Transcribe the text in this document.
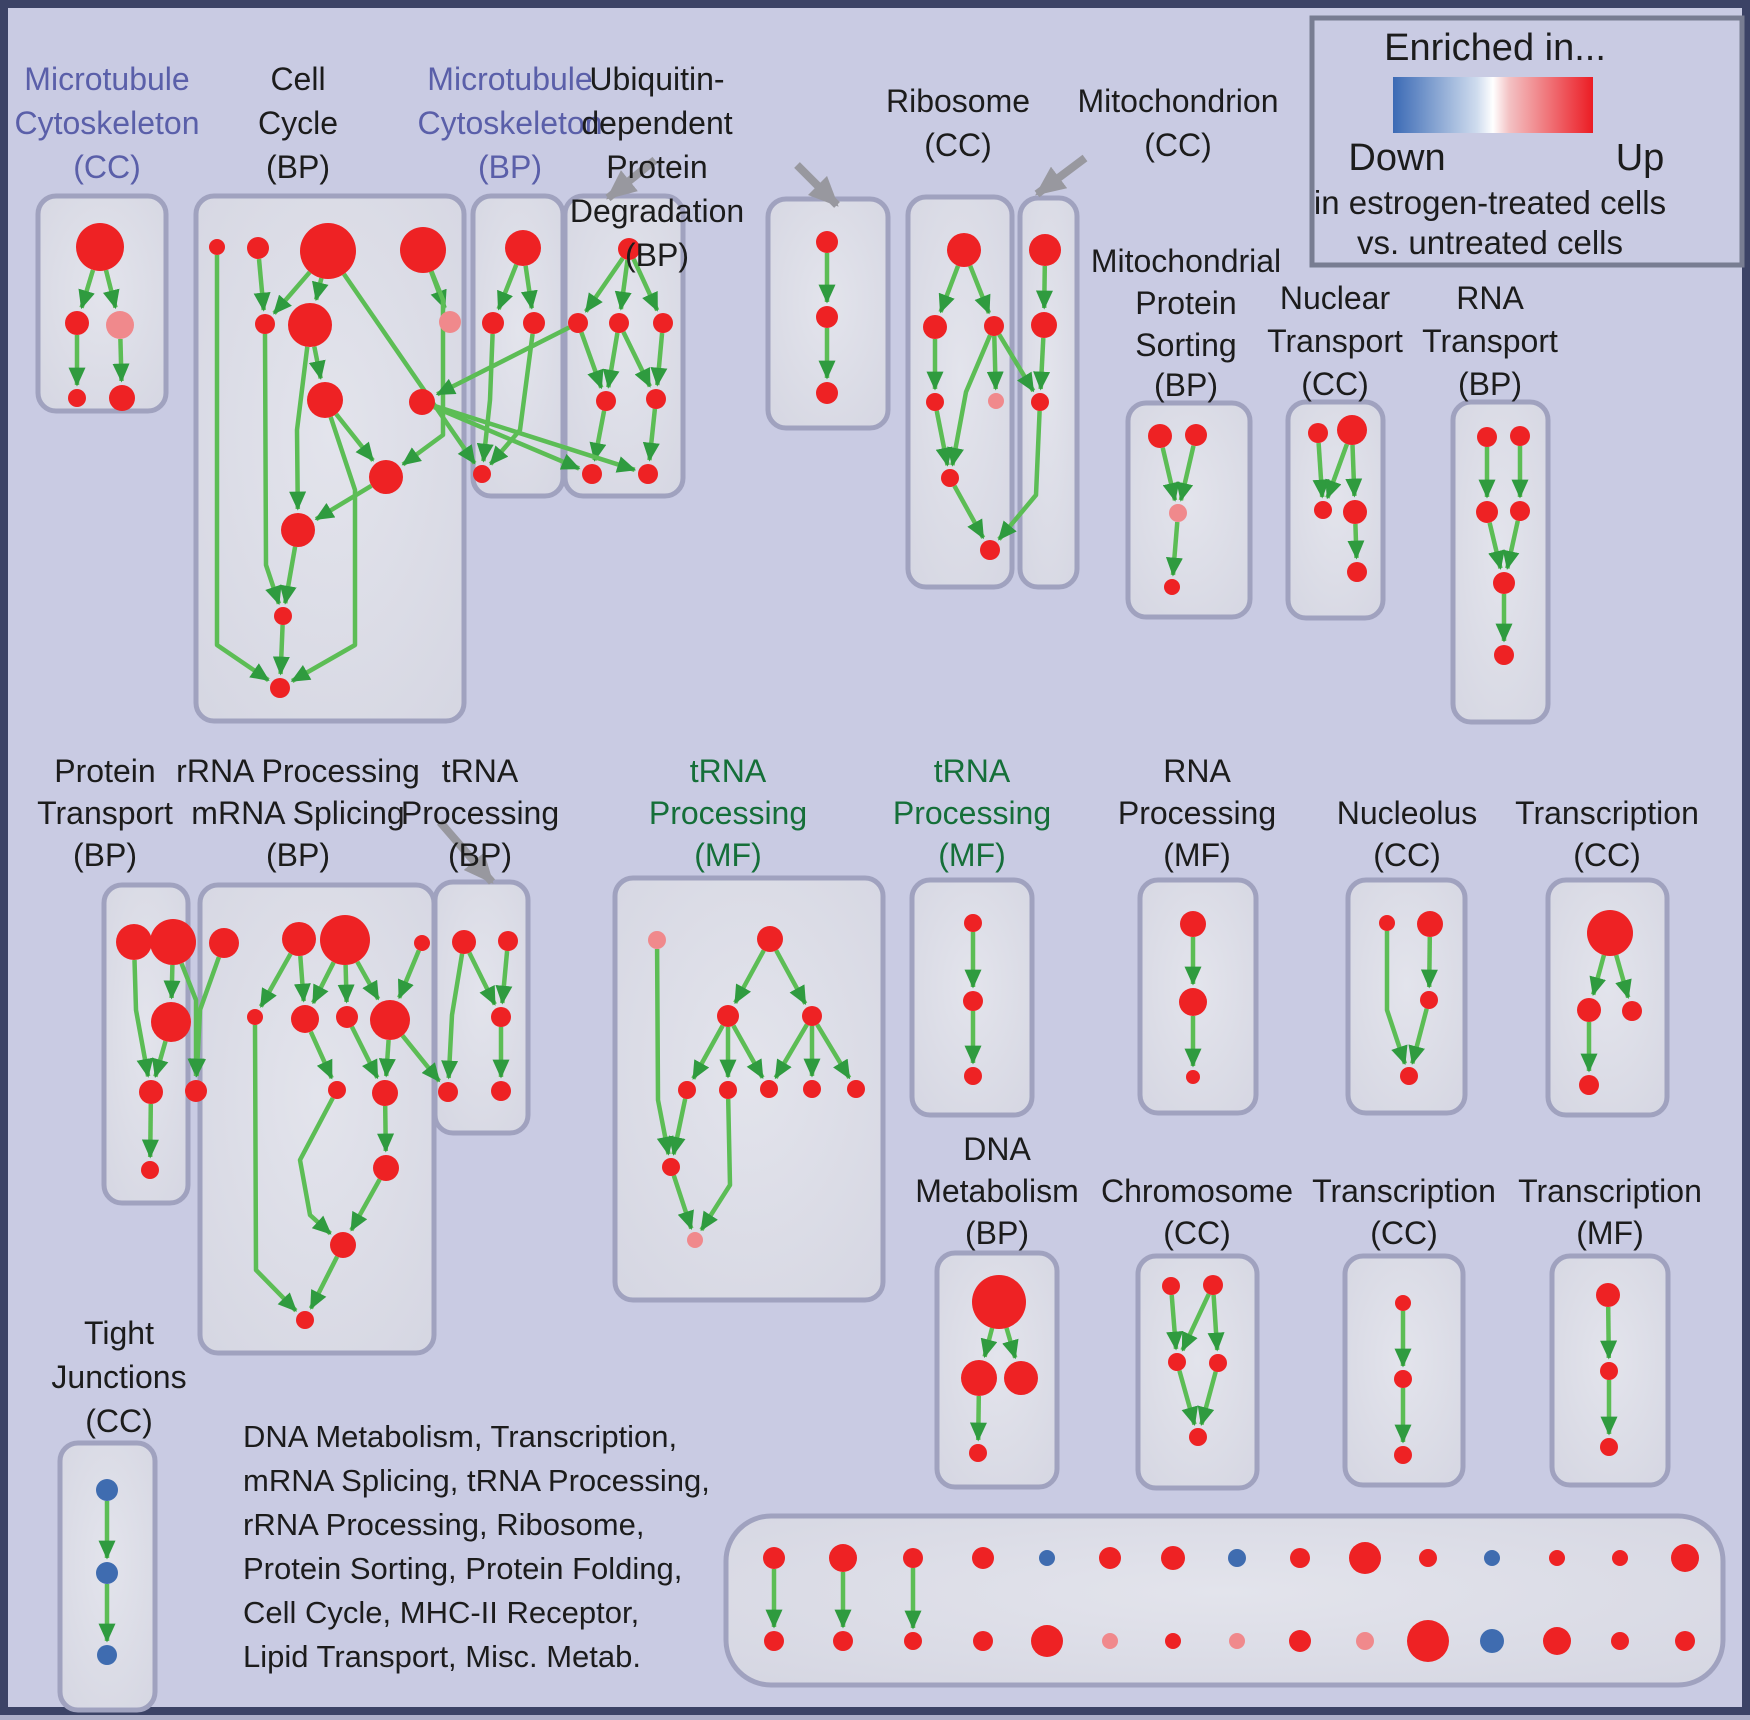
Microtubule
Cytoskeleton
(CC)
Cell
Cycle
(BP)
Microtubule
Cytoskeleton
(BP)
Ubiquitin-
dependent
Protein
Degradation
(BP)
Ribosome
(CC)
Mitochondrion
(CC)
Mitochondrial
Protein
Sorting
(BP)
Nuclear
Transport
(CC)
RNA
Transport
(BP)
Protein
Transport
(BP)
rRNA Processing
mRNA Splicing
(BP)
tRNA
Processing
(BP)
tRNA
Processing
(MF)
tRNA
Processing
(MF)
RNA
Processing
(MF)
Nucleolus
(CC)
Transcription
(CC)
DNA
Metabolism
(BP)
Chromosome
(CC)
Transcription
(CC)
Transcription
(MF)
Tight
Junctions
(CC)	DNA Metabolism, Transcription,
mRNA Splicing, tRNA Processing,
rRNA Processing, Ribosome,
Protein Sorting, Protein Folding,
Cell Cycle, MHC-II Receptor,
Lipid Transport, Misc. Metab.
Enriched in...
Down	Up
in estrogen-treated cells
vs. untreated cells
